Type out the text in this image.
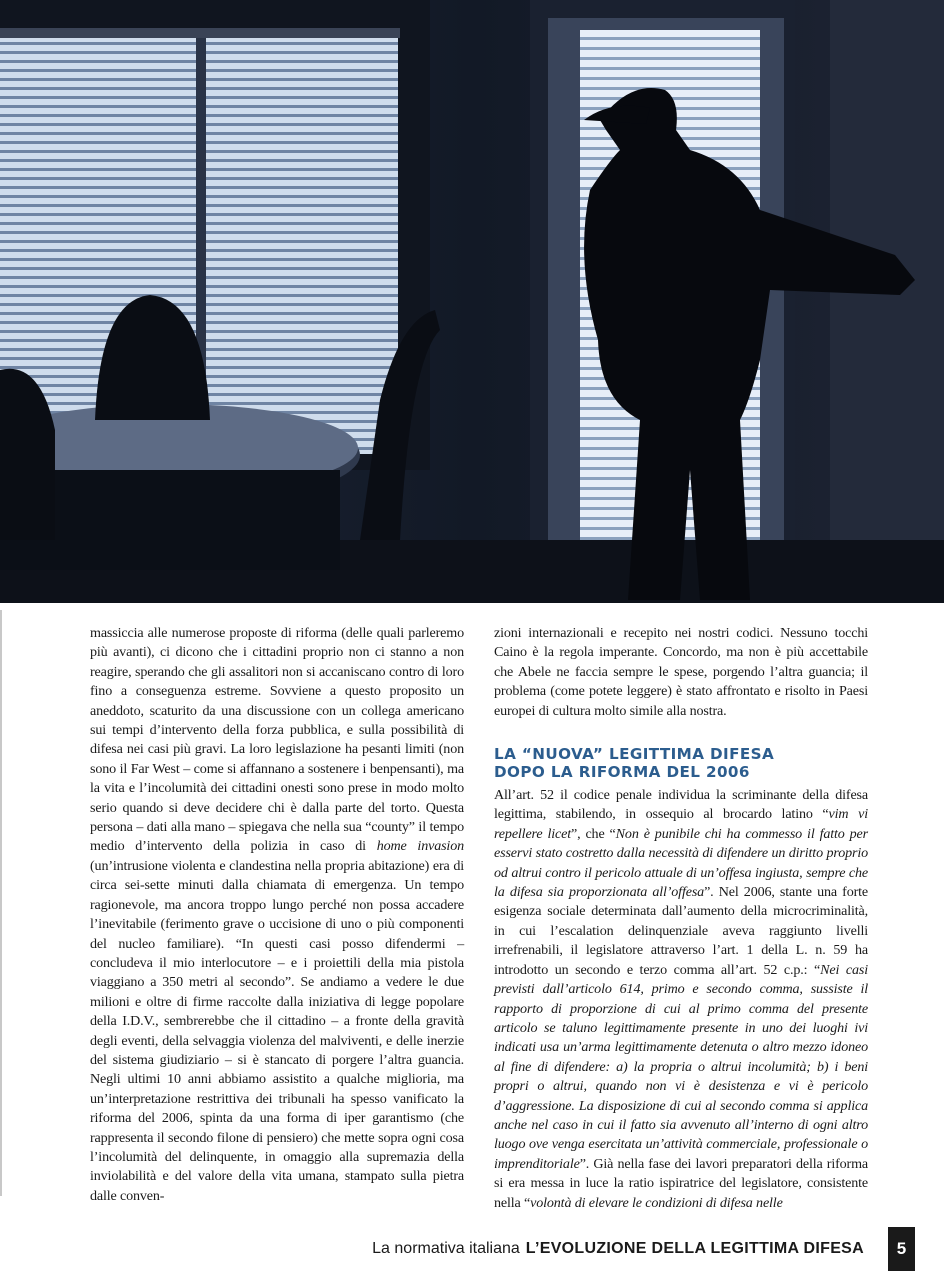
massiccia alle numerose proposte di riforma (delle quali parleremo più avanti), ci dicono che i cittadini proprio non ci stanno a non reagire, sperando che gli assalitori non si accaniscano contro di loro fino a conseguenza estreme. Sovviene a questo proposito un aneddoto, scaturito da una discussione con un collega americano sui tempi d’intervento della forza pubblica, e sulla possibilità di difesa nei casi più gravi. La loro legislazione ha pesanti limiti (non sono il Far West – come si affannano a sostenere i benpensanti), ma la vita e l’incolumità dei cittadini onesti sono prese in modo molto serio quando si deve decidere chi è dalla parte del torto. Questa persona – dati alla mano – spiegava che nella sua “county” il tempo medio d’intervento della polizia in caso di home invasion (un’intrusione violenta e clandestina nella propria abitazione) era di circa sei-sette minuti dalla chiamata di emergenza. Un tempo ragionevole, ma ancora troppo lungo perché non possa accadere l’inevitabile (ferimento grave o uccisione di uno o più componenti del nucleo familiare). “In questi casi posso difendermi – concludeva il mio interlocutore – e i proiettili della mia pistola viaggiano a 350 metri al secondo”. Se andiamo a vedere le due milioni e oltre di firme raccolte dalla iniziativa di legge popolare della I.D.V., sembrerebbe che il cittadino – a fronte della gravità degli eventi, della selvaggia violenza del malviventi, e delle inerzie del sistema giudiziario – si è stancato di porgere l’altra guancia. Negli ultimi 10 anni abbiamo assistito a qualche miglioria, ma un’interpretazione restrittiva dei tribunali ha spesso vanificato la riforma del 2006, spinta da una forma di iper garantismo (che rappresenta il secondo filone di pensiero) che mette sopra ogni cosa l’incolumità del delinquente, in omaggio alla supremazia della inviolabilità e del valore della vita umana, stampato sulla pietra dalle conven-

zioni internazionali e recepito nei nostri codici. Nessuno tocchi Caino è la regola imperante. Concordo, ma non è più accettabile che Abele ne faccia sempre le spese, porgendo l’altra guancia; il problema (come potete leggere) è stato affrontato e risolto in Paesi europei di cultura molto simile alla nostra.

LA “NUOVA” LEGITTIMA DIFESA
DOPO LA RIFORMA DEL 2006

All’art. 52 il codice penale individua la scriminante della difesa legittima, stabilendo, in ossequio al brocardo latino “vim vi repellere licet”, che “Non è punibile chi ha commesso il fatto per esservi stato costretto dalla necessità di difendere un diritto proprio od altrui contro il pericolo attuale di un’offesa ingiusta, sempre che la difesa sia proporzionata all’offesa”. Nel 2006, stante una forte esigenza sociale determinata dall’aumento della microcriminalità, in cui l’escalation delinquenziale aveva raggiunto livelli irrefrenabili, il legislatore attraverso l’art. 1 della L. n. 59 ha introdotto un secondo e terzo comma all’art. 52 c.p.: “Nei casi previsti dall’articolo 614, primo e secondo comma, sussiste il rapporto di proporzione di cui al primo comma del presente articolo se taluno legittimamente presente in uno dei luoghi ivi indicati usa un’arma legittimamente detenuta o altro mezzo idoneo al fine di difendere: a) la propria o altrui incolumità; b) i beni propri o altrui, quando non vi è desistenza e vi è pericolo d’aggressione. La disposizione di cui al secondo comma si applica anche nel caso in cui il fatto sia avvenuto all’interno di ogni altro luogo ove venga esercitata un’attività commerciale, professionale o imprenditoriale”. Già nella fase dei lavori preparatori della riforma si era messa in luce la ratio ispiratrice del legislatore, consistente nella “volontà di elevare le condizioni di difesa nelle

La normativa italiana L’EVOLUZIONE DELLA LEGITTIMA DIFESA	5
